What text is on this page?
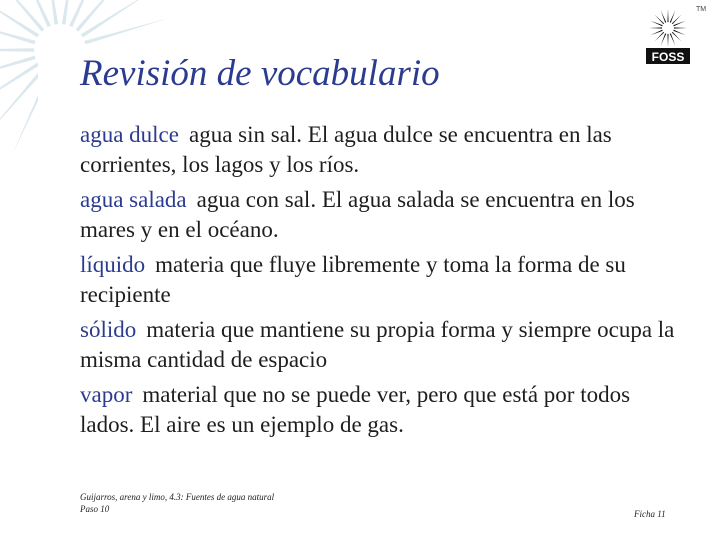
FOSS
TM
Revisión de vocabulario

agua dulce agua sin sal. El agua dulce se encuentra en las corrientes, los lagos y los ríos.

agua salada agua con sal. El agua salada se encuentra en los mares y en el océano.

líquido materia que fluye libremente y toma la forma de su recipiente

sólido materia que mantiene su propia forma y siempre ocupa la misma cantidad de espacio

vapor material que no se puede ver, pero que está por todos lados. El aire es un ejemplo de gas.

Guijarros, arena y limo, 4.3: Fuentes de agua natural
Paso 10	Ficha 11
